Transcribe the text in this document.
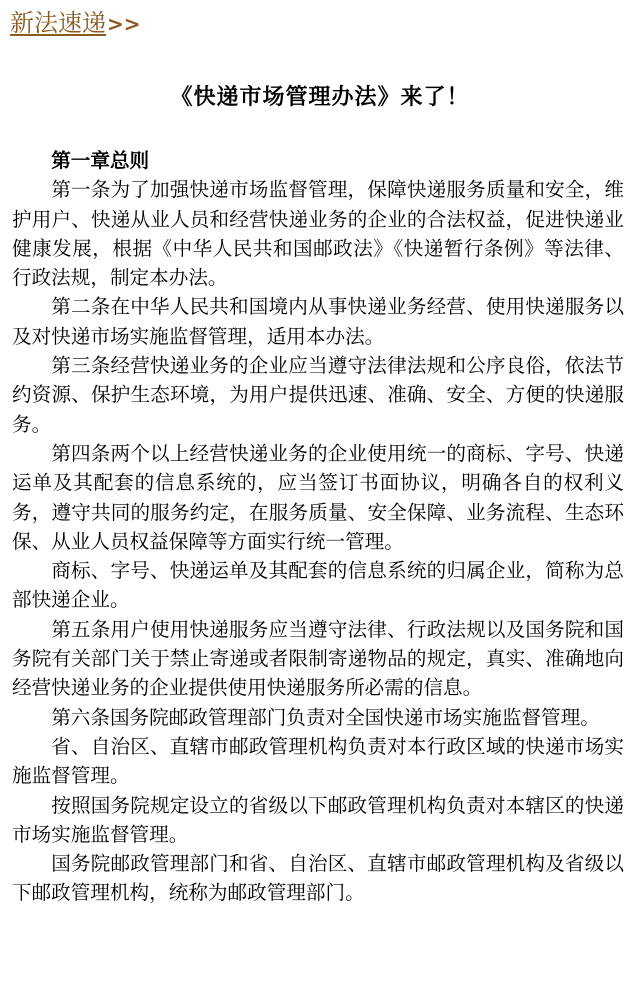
新法速递 >>
《快递市场管理办法》来了！

第一章总则

第一条为了加强快递市场监督管理，保障快递服务质量和安全，维护用户、快递从业人员和经营快递业务的企业的合法权益，促进快递业健康发展，根据《中华人民共和国邮政法》《快递暂行条例》等法律、行政法规，制定本办法。

第二条在中华人民共和国境内从事快递业务经营、使用快递服务以及对快递市场实施监督管理，适用本办法。

第三条经营快递业务的企业应当遵守法律法规和公序良俗，依法节约资源、保护生态环境，为用户提供迅速、准确、安全、方便的快递服务。

第四条两个以上经营快递业务的企业使用统一的商标、字号、快递运单及其配套的信息系统的，应当签订书面协议，明确各自的权利义务，遵守共同的服务约定，在服务质量、安全保障、业务流程、生态环保、从业人员权益保障等方面实行统一管理。

商标、字号、快递运单及其配套的信息系统的归属企业，简称为总部快递企业。

第五条用户使用快递服务应当遵守法律、行政法规以及国务院和国务院有关部门关于禁止寄递或者限制寄递物品的规定，真实、准确地向经营快递业务的企业提供使用快递服务所必需的信息。

第六条国务院邮政管理部门负责对全国快递市场实施监督管理。

省、自治区、直辖市邮政管理机构负责对本行政区域的快递市场实施监督管理。

按照国务院规定设立的省级以下邮政管理机构负责对本辖区的快递市场实施监督管理。

国务院邮政管理部门和省、自治区、直辖市邮政管理机构及省级以下邮政管理机构，统称为邮政管理部门。
